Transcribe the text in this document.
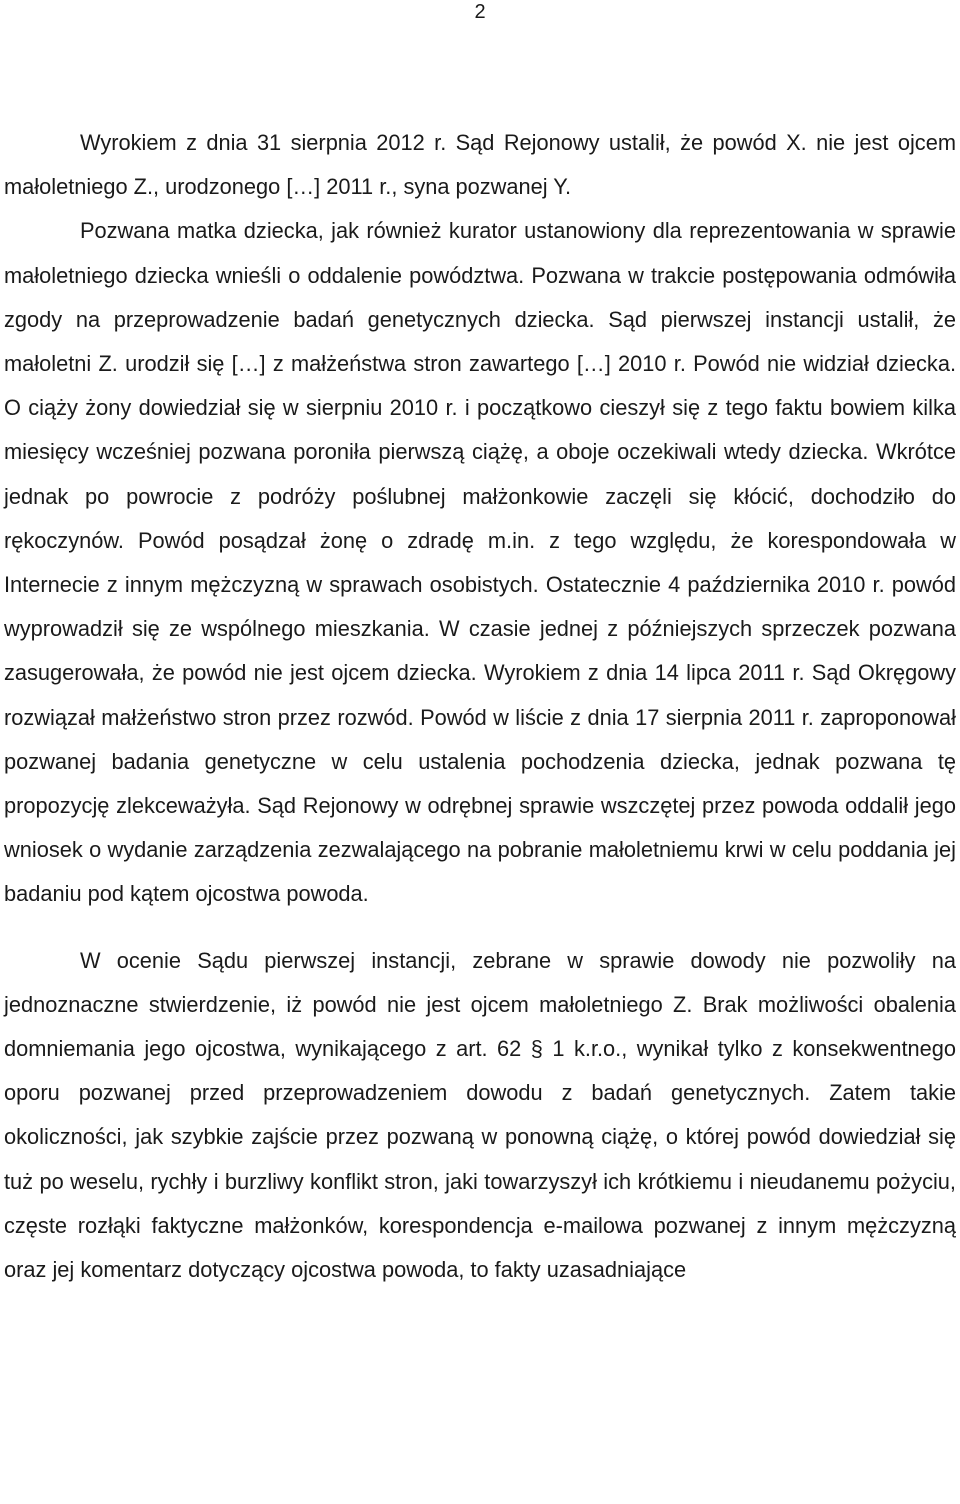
2

Wyrokiem z dnia 31 sierpnia 2012 r. Sąd Rejonowy ustalił, że powód X. nie jest ojcem małoletniego Z., urodzonego […] 2011 r., syna pozwanej Y.

Pozwana matka dziecka, jak również kurator ustanowiony dla reprezentowania w sprawie małoletniego dziecka wnieśli o oddalenie powództwa. Pozwana w trakcie postępowania odmówiła zgody na przeprowadzenie badań genetycznych dziecka. Sąd pierwszej instancji ustalił, że małoletni Z. urodził się […] z małżeństwa stron zawartego […] 2010 r. Powód nie widział dziecka. O ciąży żony dowiedział się w sierpniu 2010 r. i początkowo cieszył się z tego faktu bowiem kilka miesięcy wcześniej pozwana poroniła pierwszą ciążę, a oboje oczekiwali wtedy dziecka. Wkrótce jednak po powrocie z podróży poślubnej małżonkowie zaczęli się kłócić, dochodziło do rękoczynów. Powód posądzał żonę o zdradę m.in. z tego względu, że korespondowała w Internecie z innym mężczyzną w sprawach osobistych. Ostatecznie 4 października 2010 r. powód wyprowadził się ze wspólnego mieszkania. W czasie jednej z późniejszych sprzeczek pozwana zasugerowała, że powód nie jest ojcem dziecka. Wyrokiem z dnia 14 lipca 2011 r. Sąd Okręgowy rozwiązał małżeństwo stron przez rozwód. Powód w liście z dnia 17 sierpnia 2011 r. zaproponował pozwanej badania genetyczne w celu ustalenia pochodzenia dziecka, jednak pozwana tę propozycję zlekceważyła. Sąd Rejonowy w odrębnej sprawie wszczętej przez powoda oddalił jego wniosek o wydanie zarządzenia zezwalającego na pobranie małoletniemu krwi w celu poddania jej badaniu pod kątem ojcostwa powoda.

W ocenie Sądu pierwszej instancji, zebrane w sprawie dowody nie pozwoliły na jednoznaczne stwierdzenie, iż powód nie jest ojcem małoletniego Z. Brak możliwości obalenia domniemania jego ojcostwa, wynikającego z art. 62 § 1 k.r.o., wynikał tylko z konsekwentnego oporu pozwanej przed przeprowadzeniem dowodu z badań genetycznych. Zatem takie okoliczności, jak szybkie zajście przez pozwaną w ponowną ciążę, o której powód dowiedział się tuż po weselu, rychły i burzliwy konflikt stron, jaki towarzyszył ich krótkiemu i nieudanemu pożyciu, częste rozłąki faktyczne małżonków, korespondencja e-mailowa pozwanej z innym mężczyzną oraz jej komentarz dotyczący ojcostwa powoda, to fakty uzasadniające
